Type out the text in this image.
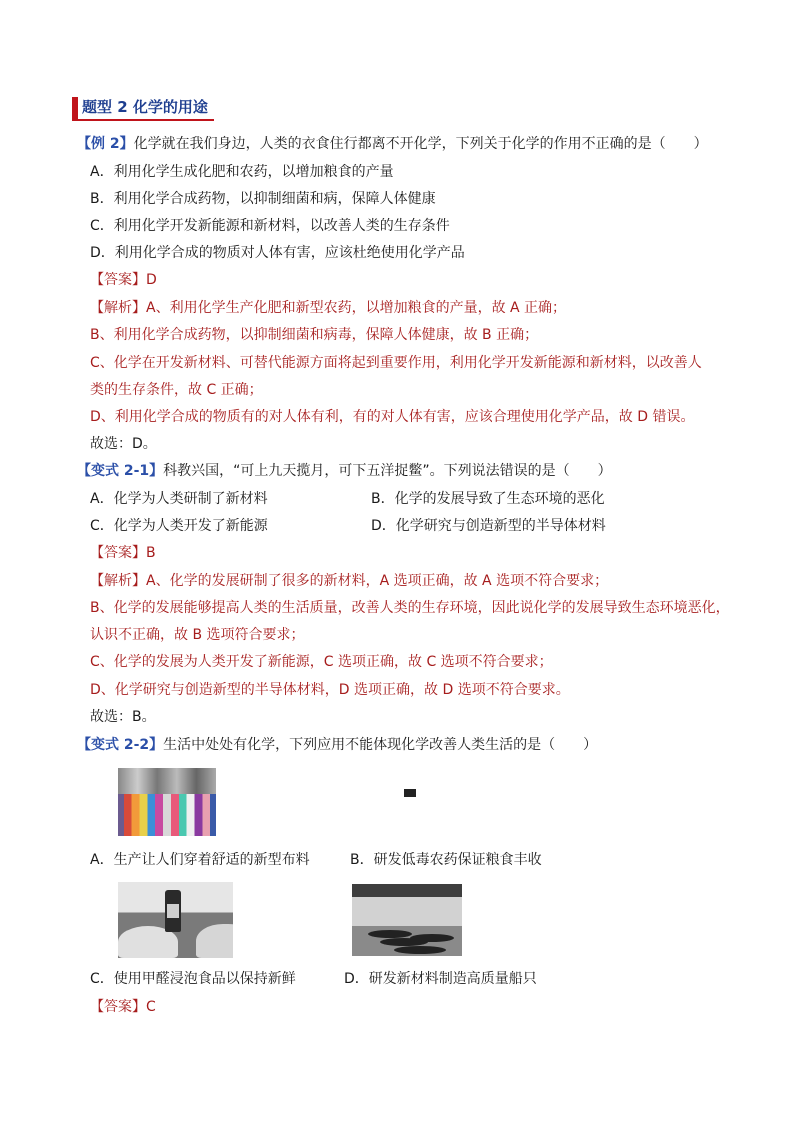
题型 2 化学的用途
【例 2】化学就在我们身边，人类的衣食住行都离不开化学，下列关于化学的作用不正确的是（　　）
A．利用化学生成化肥和农药，以增加粮食的产量
B．利用化学合成药物，以抑制细菌和病，保障人体健康
C．利用化学开发新能源和新材料，以改善人类的生存条件
D．利用化学合成的物质对人体有害，应该杜绝使用化学产品
【答案】D
【解析】A、利用化学生产化肥和新型农药，以增加粮食的产量，故 A 正确；
B、利用化学合成药物，以抑制细菌和病毒，保障人体健康，故 B 正确；
C、化学在开发新材料、可替代能源方面将起到重要作用，利用化学开发新能源和新材料，以改善人
类的生存条件，故 C 正确；
D、利用化学合成的物质有的对人体有利，有的对人体有害，应该合理使用化学产品，故 D 错误。
故选：D。
【变式 2-1】科教兴国，“可上九天揽月，可下五洋捉鳖”。下列说法错误的是（　　）
A．化学为人类研制了新材料	B．化学的发展导致了生态环境的恶化
C．化学为人类开发了新能源	D．化学研究与创造新型的半导体材料
【答案】B
【解析】A、化学的发展研制了很多的新材料，A 选项正确，故 A 选项不符合要求；
B、化学的发展能够提高人类的生活质量，改善人类的生存环境，因此说化学的发展导致生态环境恶化，
认识不正确，故 B 选项符合要求；
C、化学的发展为人类开发了新能源，C 选项正确，故 C 选项不符合要求；
D、化学研究与创造新型的半导体材料，D 选项正确，故 D 选项不符合要求。
故选：B。
【变式 2-2】生活中处处有化学，下列应用不能体现化学改善人类生活的是（　　）
A．生产让人们穿着舒适的新型布料	B．研发低毒农药保证粮食丰收
C．使用甲醛浸泡食品以保持新鲜	D．研发新材料制造高质量船只
【答案】C
